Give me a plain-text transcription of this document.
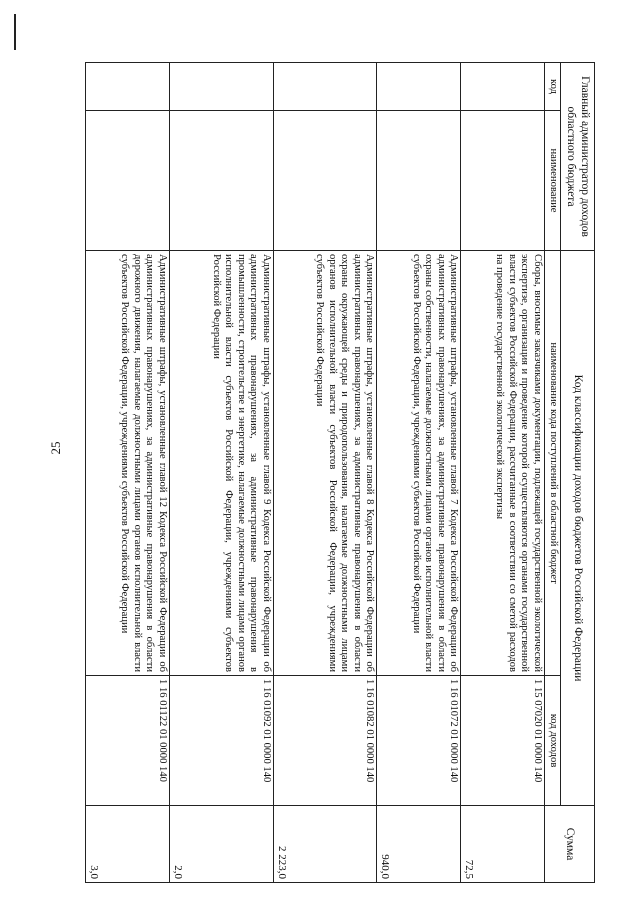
25
Главный администратор доходов областного бюджета		Код классификации доходов бюджетов Российской Федерации		Сумма
код	наименование	наименование кода поступлений в областной бюджет	код доходов	
		Сборы, вносимые заказчиками документации, подлежащей государственной экологической экспертизе, организация и проведение которой осуществляются органами государственной власти субъектов Российской Федерации, рассчитанные в соответствии со сметой расходов на проведение государственной экологической экспертизы	1 15 07020 01 0000 140	72,5
		Административные штрафы, установленные главой 7 Кодекса Российской Федерации об административных правонарушениях, за административные правонарушения в области охраны собственности, налагаемые должностными лицами органов исполнительной власти субъектов Российской Федерации, учреждениями субъектов Российской Федерации	1 16 01072 01 0000 140	940,0
		Административные штрафы, установленные главой 8 Кодекса Российской Федерации об административных правонарушениях, за административные правонарушения в области охраны окружающей среды и природопользования, налагаемые должностными лицами органов исполнительной власти субъектов Российской Федерации, учреждениями субъектов Российской Федерации	1 16 01082 01 0000 140	2 223,0
		Административные штрафы, установленные главой 9 Кодекса Российской Федерации об административных правонарушениях, за административные правонарушения в промышленности, строительстве и энергетике, налагаемые должностными лицами органов исполнительной власти субъектов Российской Федерации, учреждениями субъектов Российской Федерации	1 16 01092 01 0000 140	2,0
		Административные штрафы, установленные главой 12 Кодекса Российской Федерации об административных правонарушениях, за административные правонарушения в области дорожного движения, налагаемые должностными лицами органов исполнительной власти субъектов Российской Федерации, учреждениями субъектов Российской Федерации	1 16 01122 01 0000 140	3,0
